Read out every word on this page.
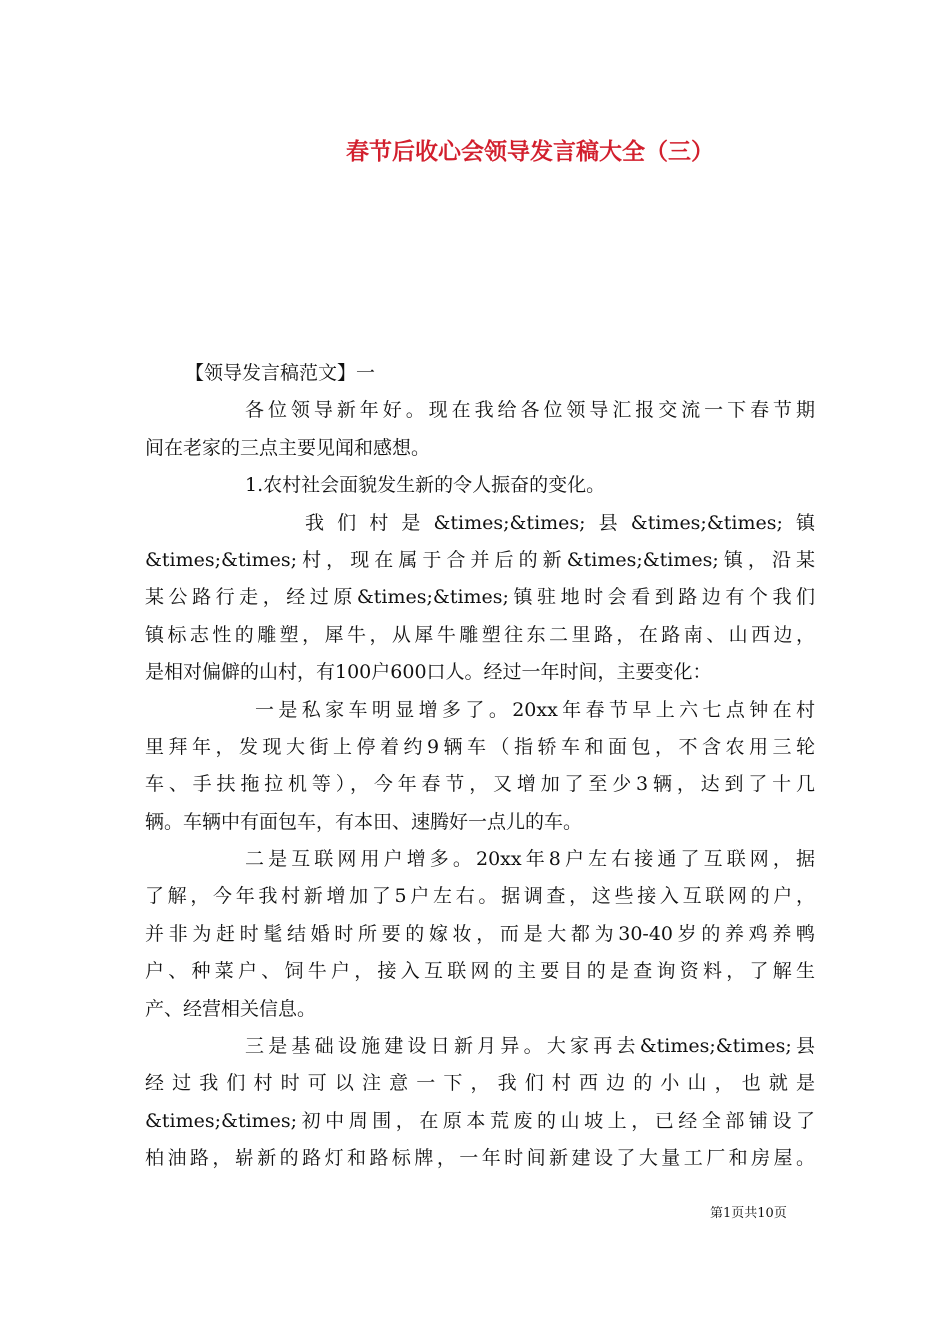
春节后收心会领导发言稿大全（三）
【领导发言稿范文】一
各位领导新年好。现在我给各位领导汇报交流一下春节期
间在老家的三点主要见闻和感想。
1.农村社会面貌发生新的令人振奋的变化。
我们村是&times;&times;县&times;&times;镇
&times;&times;村，现在属于合并后的新&times;&times;镇，沿某
某公路行走，经过原&times;&times;镇驻地时会看到路边有个我们
镇标志性的雕塑，犀牛，从犀牛雕塑往东二里路，在路南、山西边，
是相对偏僻的山村，有100户600口人。经过一年时间，主要变化：
一是私家车明显增多了。20xx年春节早上六七点钟在村
里拜年，发现大街上停着约9辆车（指轿车和面包，不含农用三轮
车、手扶拖拉机等），今年春节，又增加了至少3辆，达到了十几
辆。车辆中有面包车，有本田、速腾好一点儿的车。
二是互联网用户增多。20xx年8户左右接通了互联网，据
了解，今年我村新增加了5户左右。据调查，这些接入互联网的户，
并非为赶时髦结婚时所要的嫁妆，而是大都为30-40岁的养鸡养鸭
户、种菜户、饲牛户，接入互联网的主要目的是查询资料，了解生
产、经营相关信息。
三是基础设施建设日新月异。大家再去&times;&times;县
经过我们村时可以注意一下，我们村西边的小山，也就是
&times;&times;初中周围，在原本荒废的山坡上，已经全部铺设了
柏油路，崭新的路灯和路标牌，一年时间新建设了大量工厂和房屋。
第1页共10页
